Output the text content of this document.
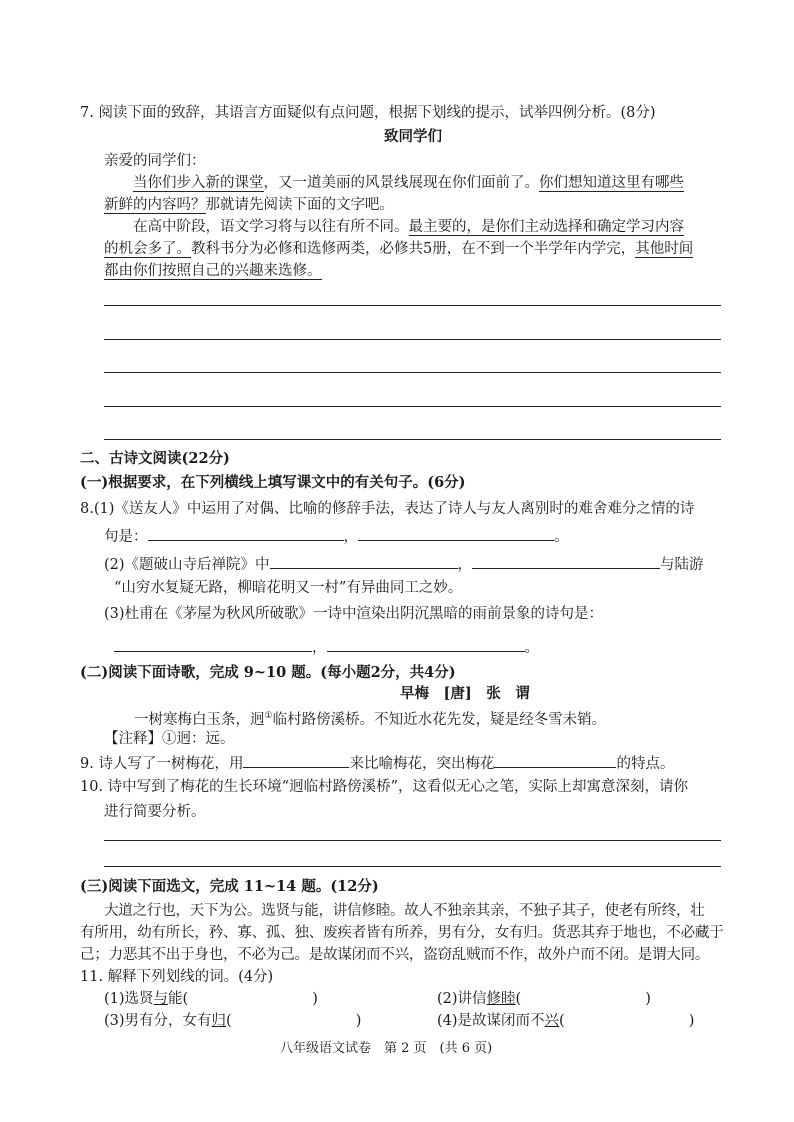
7. 阅读下面的致辞，其语言方面疑似有点问题，根据下划线的提示，试举四例分析。(8分)
致同学们
亲爱的同学们：
当你们步入新的课堂，又一道美丽的风景线展现在你们面前了。你们想知道这里有哪些
新鲜的内容吗？那就请先阅读下面的文字吧。
在高中阶段，语文学习将与以往有所不同。最主要的，是你们主动选择和确定学习内容
的机会多了。教科书分为必修和选修两类，必修共5册，在不到一个半学年内学完，其他时间
都由你们按照自己的兴趣来选修。
二、古诗文阅读(22分)
(一)根据要求，在下列横线上填写课文中的有关句子。(6分)
8.(1)《送友人》中运用了对偶、比喻的修辞手法，表达了诗人与友人离别时的难舍难分之情的诗
句是：	，	。
(2)《题破山寺后禅院》中	，	与陆游
“山穷水复疑无路，柳暗花明又一村”有异曲同工之妙。
(3)杜甫在《茅屋为秋风所破歌》一诗中渲染出阴沉黑暗的雨前景象的诗句是：
，	。
(二)阅读下面诗歌，完成 9~10 题。(每小题2分，共4分)
早梅　[唐]　张　谓
一树寒梅白玉条，迥①临村路傍溪桥。不知近水花先发，疑是经冬雪未销。
【注释】①迥：远。
9. 诗人写了一树梅花，用	来比喻梅花，突出梅花	的特点。
10. 诗中写到了梅花的生长环境“迥临村路傍溪桥”，这看似无心之笔，实际上却寓意深刻，请你
进行简要分析。
(三)阅读下面选文，完成 11~14 题。(12分)
大道之行也，天下为公。选贤与能，讲信修睦。故人不独亲其亲，不独子其子，使老有所终，壮
有所用，幼有所长，矜、寡、孤、独、废疾者皆有所养，男有分，女有归。货恶其弃于地也，不必藏于
己；力恶其不出于身也，不必为己。是故谋闭而不兴，盗窃乱贼而不作，故外户而不闭。是谓大同。
11. 解释下列划线的词。(4分)
(1)选贤与能(	)	(2)讲信修睦(	)
(3)男有分，女有归(	)	(4)是故谋闭而不兴(	)
八年级语文试卷　第 2 页　(共 6 页)
